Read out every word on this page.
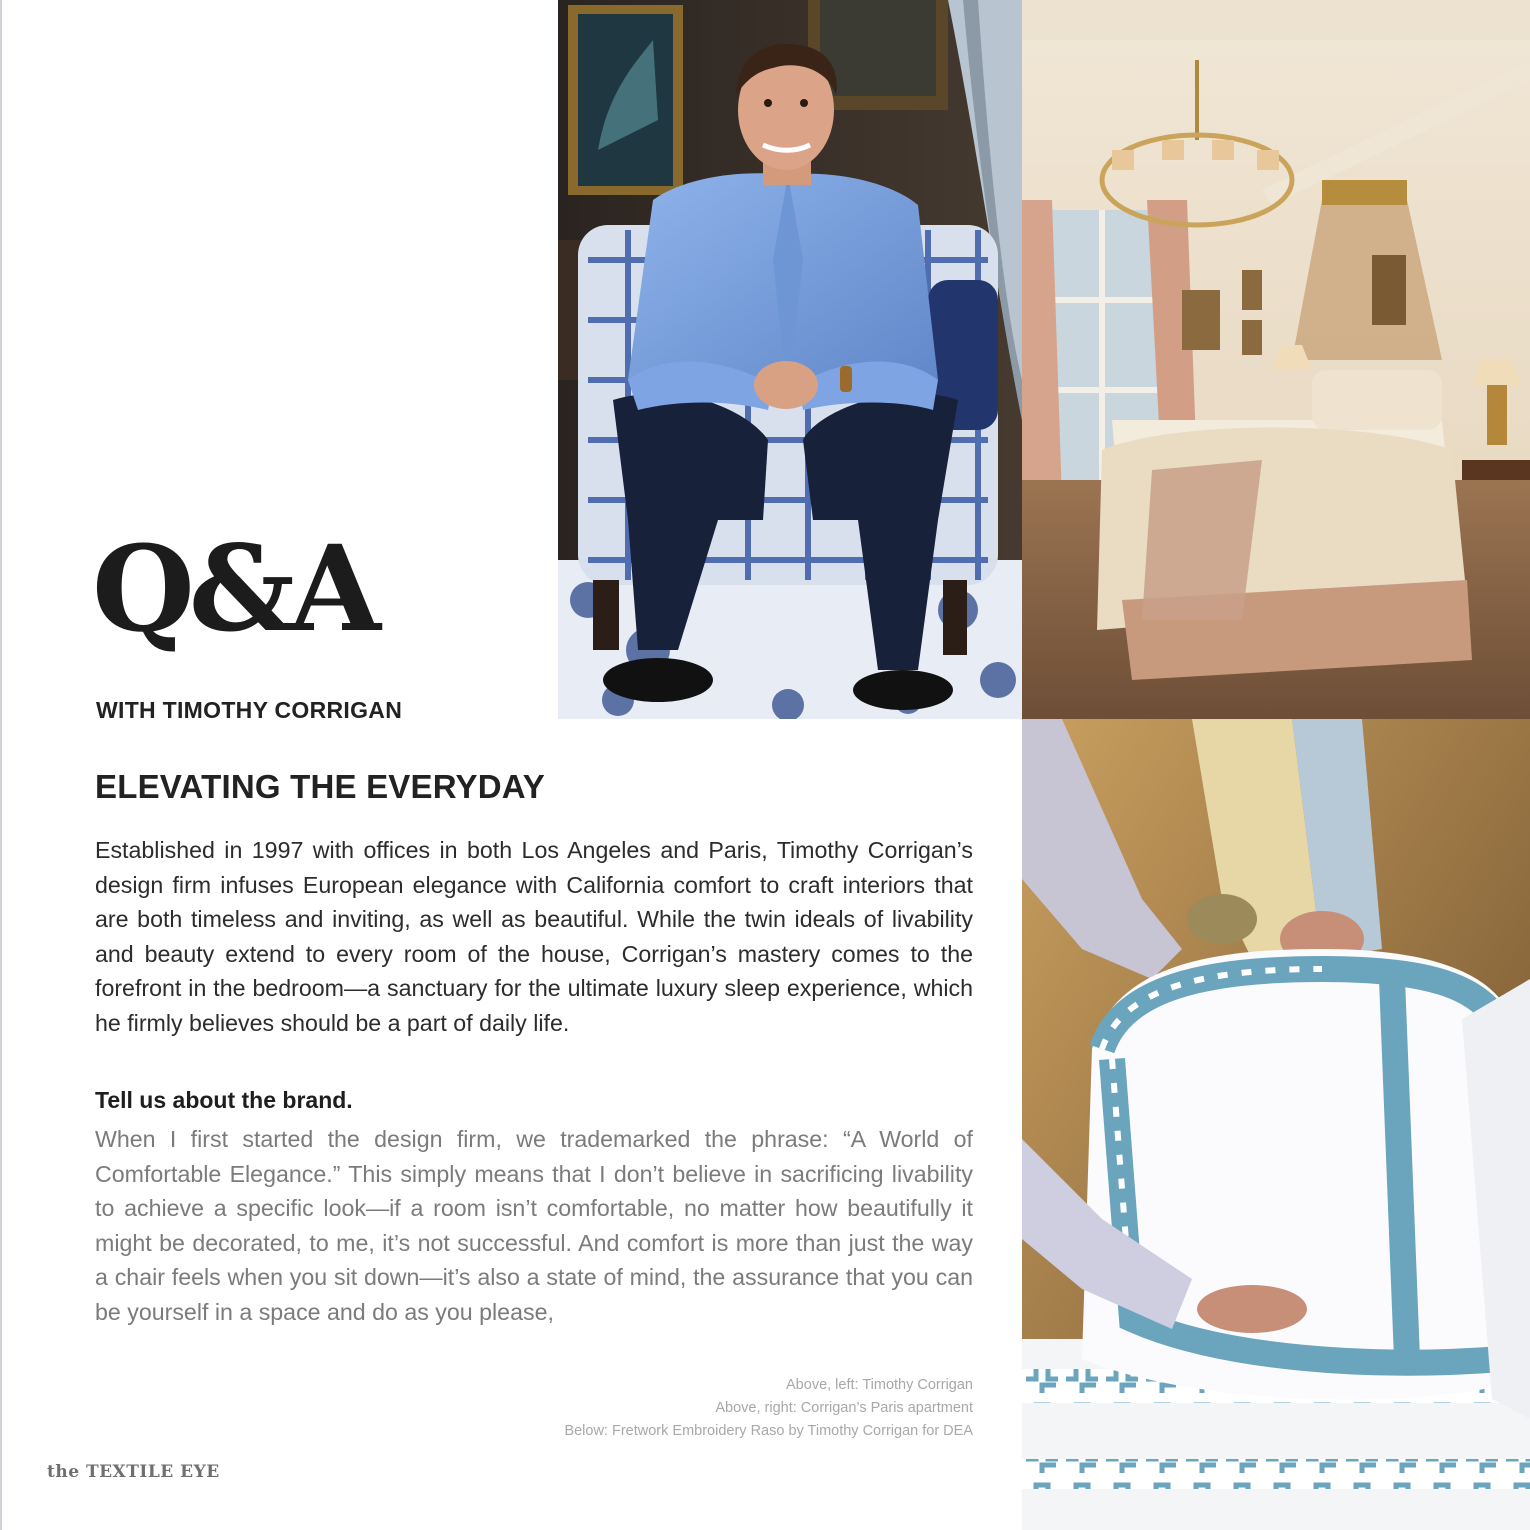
Q&A
WITH TIMOTHY CORRIGAN
ELEVATING THE EVERYDAY

Established in 1997 with offices in both Los Angeles and Paris, Timothy Corrigan’s design firm infuses European elegance with California comfort to craft interiors that are both timeless and inviting, as well as beautiful. While the twin ideals of livability and beauty extend to every room of the house, Corrigan’s mastery comes to the forefront in the bedroom—a sanctuary for the ultimate luxury sleep experience, which he firmly believes should be a part of daily life.

Tell us about the brand.

When I first started the design firm, we trademarked the phrase: “A World of Comfortable Elegance.” This simply means that I don’t believe in sacrificing livability to achieve a specific look—if a room isn’t comfortable, no matter how beautifully it might be decorated, to me, it’s not successful. And comfort is more than just the way a chair feels when you sit down—it’s also a state of mind, the assurance that you can be yourself in a space and do as you please,

Above, left: Timothy Corrigan
Above, right: Corrigan’s Paris apartment
Below: Fretwork Embroidery Raso by Timothy Corrigan for DEA
the TEXTILE EYE
